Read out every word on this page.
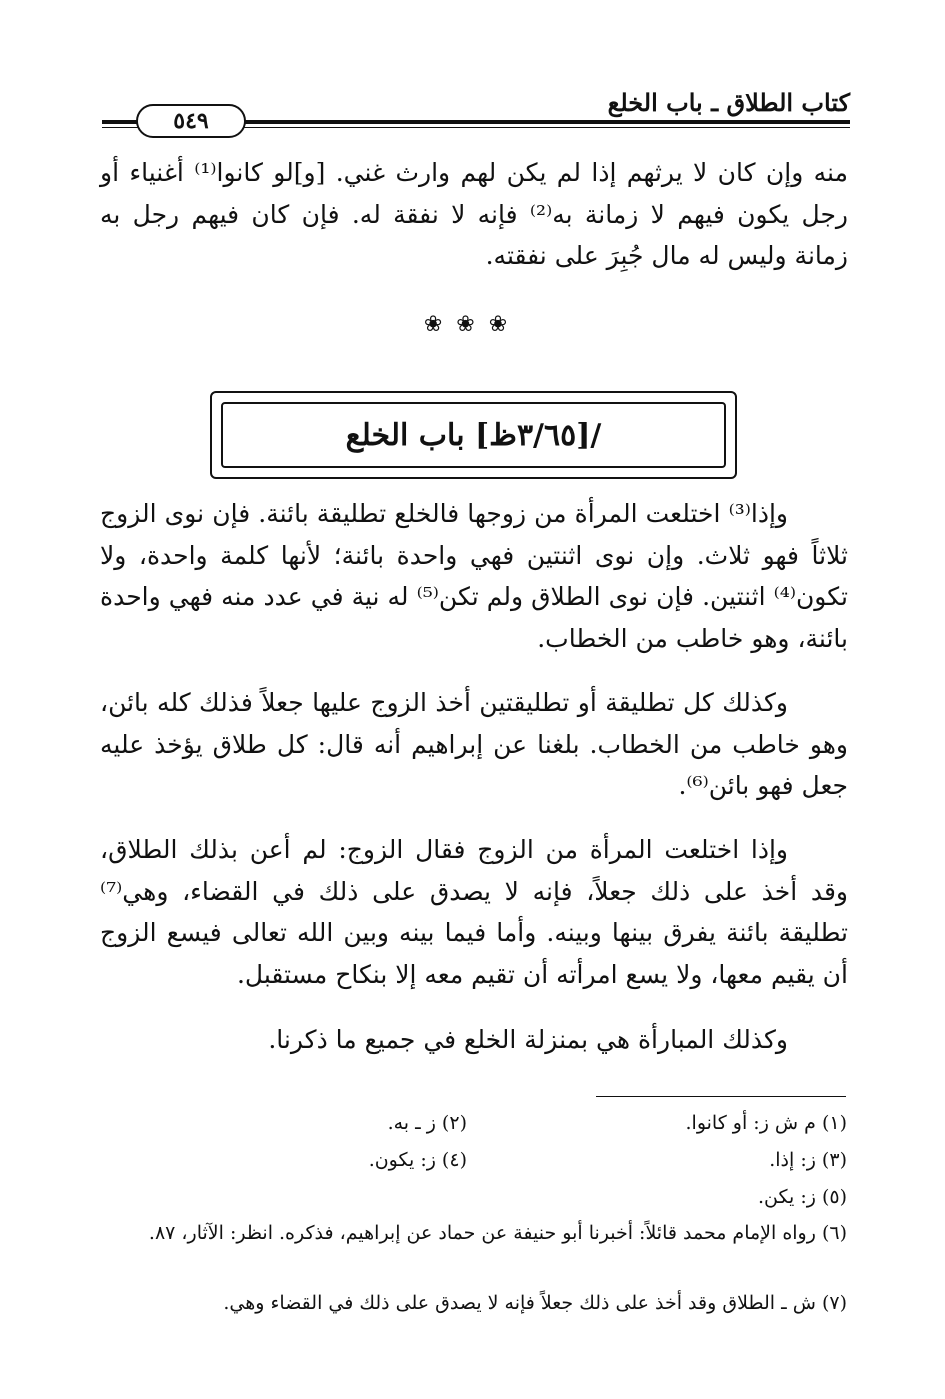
كتاب الطلاق ـ باب الخلع
٥٤٩

منه وإن كان لا يرثهم إذا لم يكن لهم وارث غني. [و]لو كانوا⁽¹⁾ أغنياء أو رجل يكون فيهم لا زمانة به⁽²⁾ فإنه لا نفقة له. فإن كان فيهم رجل به زمانة وليس له مال جُبِرَ على نفقته.

❀❀❀
/[٣/٦٥ظ] باب الخلع

وإذا⁽³⁾ اختلعت المرأة من زوجها فالخلع تطليقة بائنة. فإن نوى الزوج ثلاثاً فهو ثلاث. وإن نوى اثنتين فهي واحدة بائنة؛ لأنها كلمة واحدة، ولا تكون⁽⁴⁾ اثنتين. فإن نوى الطلاق ولم تكن⁽⁵⁾ له نية في عدد منه فهي واحدة بائنة، وهو خاطب من الخطاب.

وكذلك كل تطليقة أو تطليقتين أخذ الزوج عليها جعلاً فذلك كله بائن، وهو خاطب من الخطاب. بلغنا عن إبراهيم أنه قال: كل طلاق يؤخذ عليه جعل فهو بائن⁽⁶⁾.

وإذا اختلعت المرأة من الزوج فقال الزوج: لم أعن بذلك الطلاق، وقد أخذ على ذلك جعلاً، فإنه لا يصدق على ذلك في القضاء، وهي⁽⁷⁾ تطليقة بائنة يفرق بينها وبينه. وأما فيما بينه وبين الله تعالى فيسع الزوج أن يقيم معها، ولا يسع امرأته أن تقيم معه إلا بنكاح مستقبل.

وكذلك المبارأة هي بمنزلة الخلع في جميع ما ذكرنا.

(١) م ش ز: أو كانوا.
(٢) ز ـ به.
(٣) ز: إذا.
(٤) ز: يكون.
(٥) ز: يكن.
(٦) رواه الإمام محمد قائلاً: أخبرنا أبو حنيفة عن حماد عن إبراهيم، فذكره. انظر: الآثار، ٨٧.
(٧) ش ـ الطلاق وقد أخذ على ذلك جعلاً فإنه لا يصدق على ذلك في القضاء وهي.
